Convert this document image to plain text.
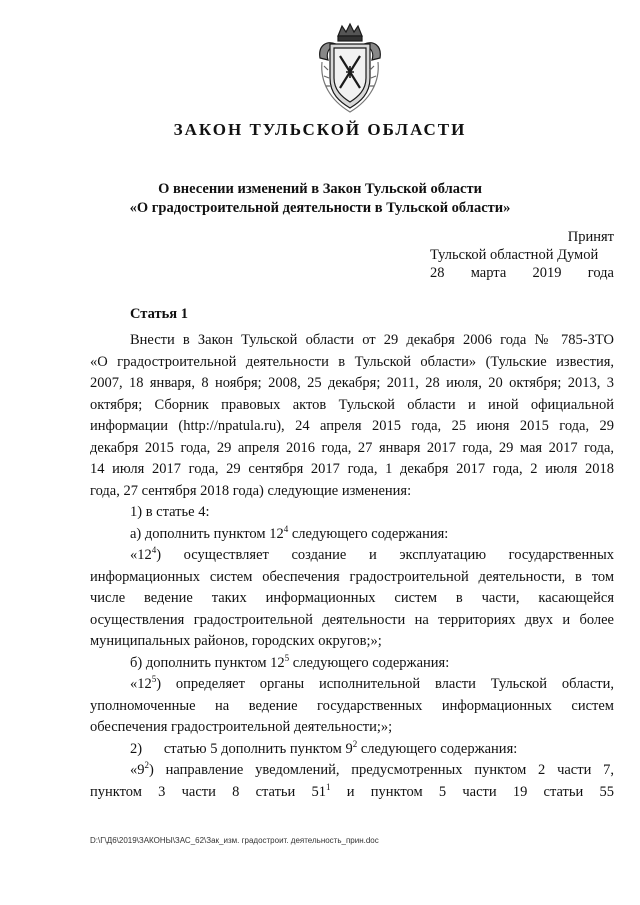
ЗАКОН ТУЛЬСКОЙ ОБЛАСТИ
О внесении изменений в Закон Тульской области
«О градостроительной деятельности в Тульской области»
Принят
Тульской областной Думой
28 марта 2019 года
Статья 1

Внести в Закон Тульской области от 29 декабря 2006 года № 785-ЗТО

«О градостроительной деятельности в Тульской области» (Тульские известия,

2007, 18 января, 8 ноября; 2008, 25 декабря; 2011, 28 июля, 20 октября; 2013, 3

октября; Сборник правовых актов Тульской области и иной официальной

информации (http://npatula.ru), 24 апреля 2015 года, 25 июня 2015 года, 29

декабря 2015 года, 29 апреля 2016 года, 27 января 2017 года, 29 мая 2017 года,

14 июля 2017 года, 29 сентября 2017 года, 1 декабря 2017 года, 2 июля 2018

года, 27 сентября 2018 года) следующие изменения:

1) в статье 4:

а) дополнить пунктом $12^4$ следующего содержания:

«$12^4$) осуществляет создание и эксплуатацию государственных

информационных систем обеспечения градостроительной деятельности, в том

числе ведение таких информационных систем в части, касающейся

осуществления градостроительной деятельности на территориях двух и более

муниципальных районов, городских округов;»;

б) дополнить пунктом $12^5$ следующего содержания:

«$12^5$) определяет органы исполнительной власти Тульской области,

уполномоченные на ведение государственных информационных систем

обеспечения градостроительной деятельности;»;

2)      статью 5 дополнить пунктом $9^2$ следующего содержания:

«$9^2$) направление уведомлений, предусмотренных пунктом 2 части 7,

пунктом 3 части 8 статьи $51^1$ и пунктом 5 части 19 статьи 55

D:\Г\Д6\2019\ЗАКОНЫ\ЗАС_62\Зак_изм. градострoит. деятельность_прин.doc
